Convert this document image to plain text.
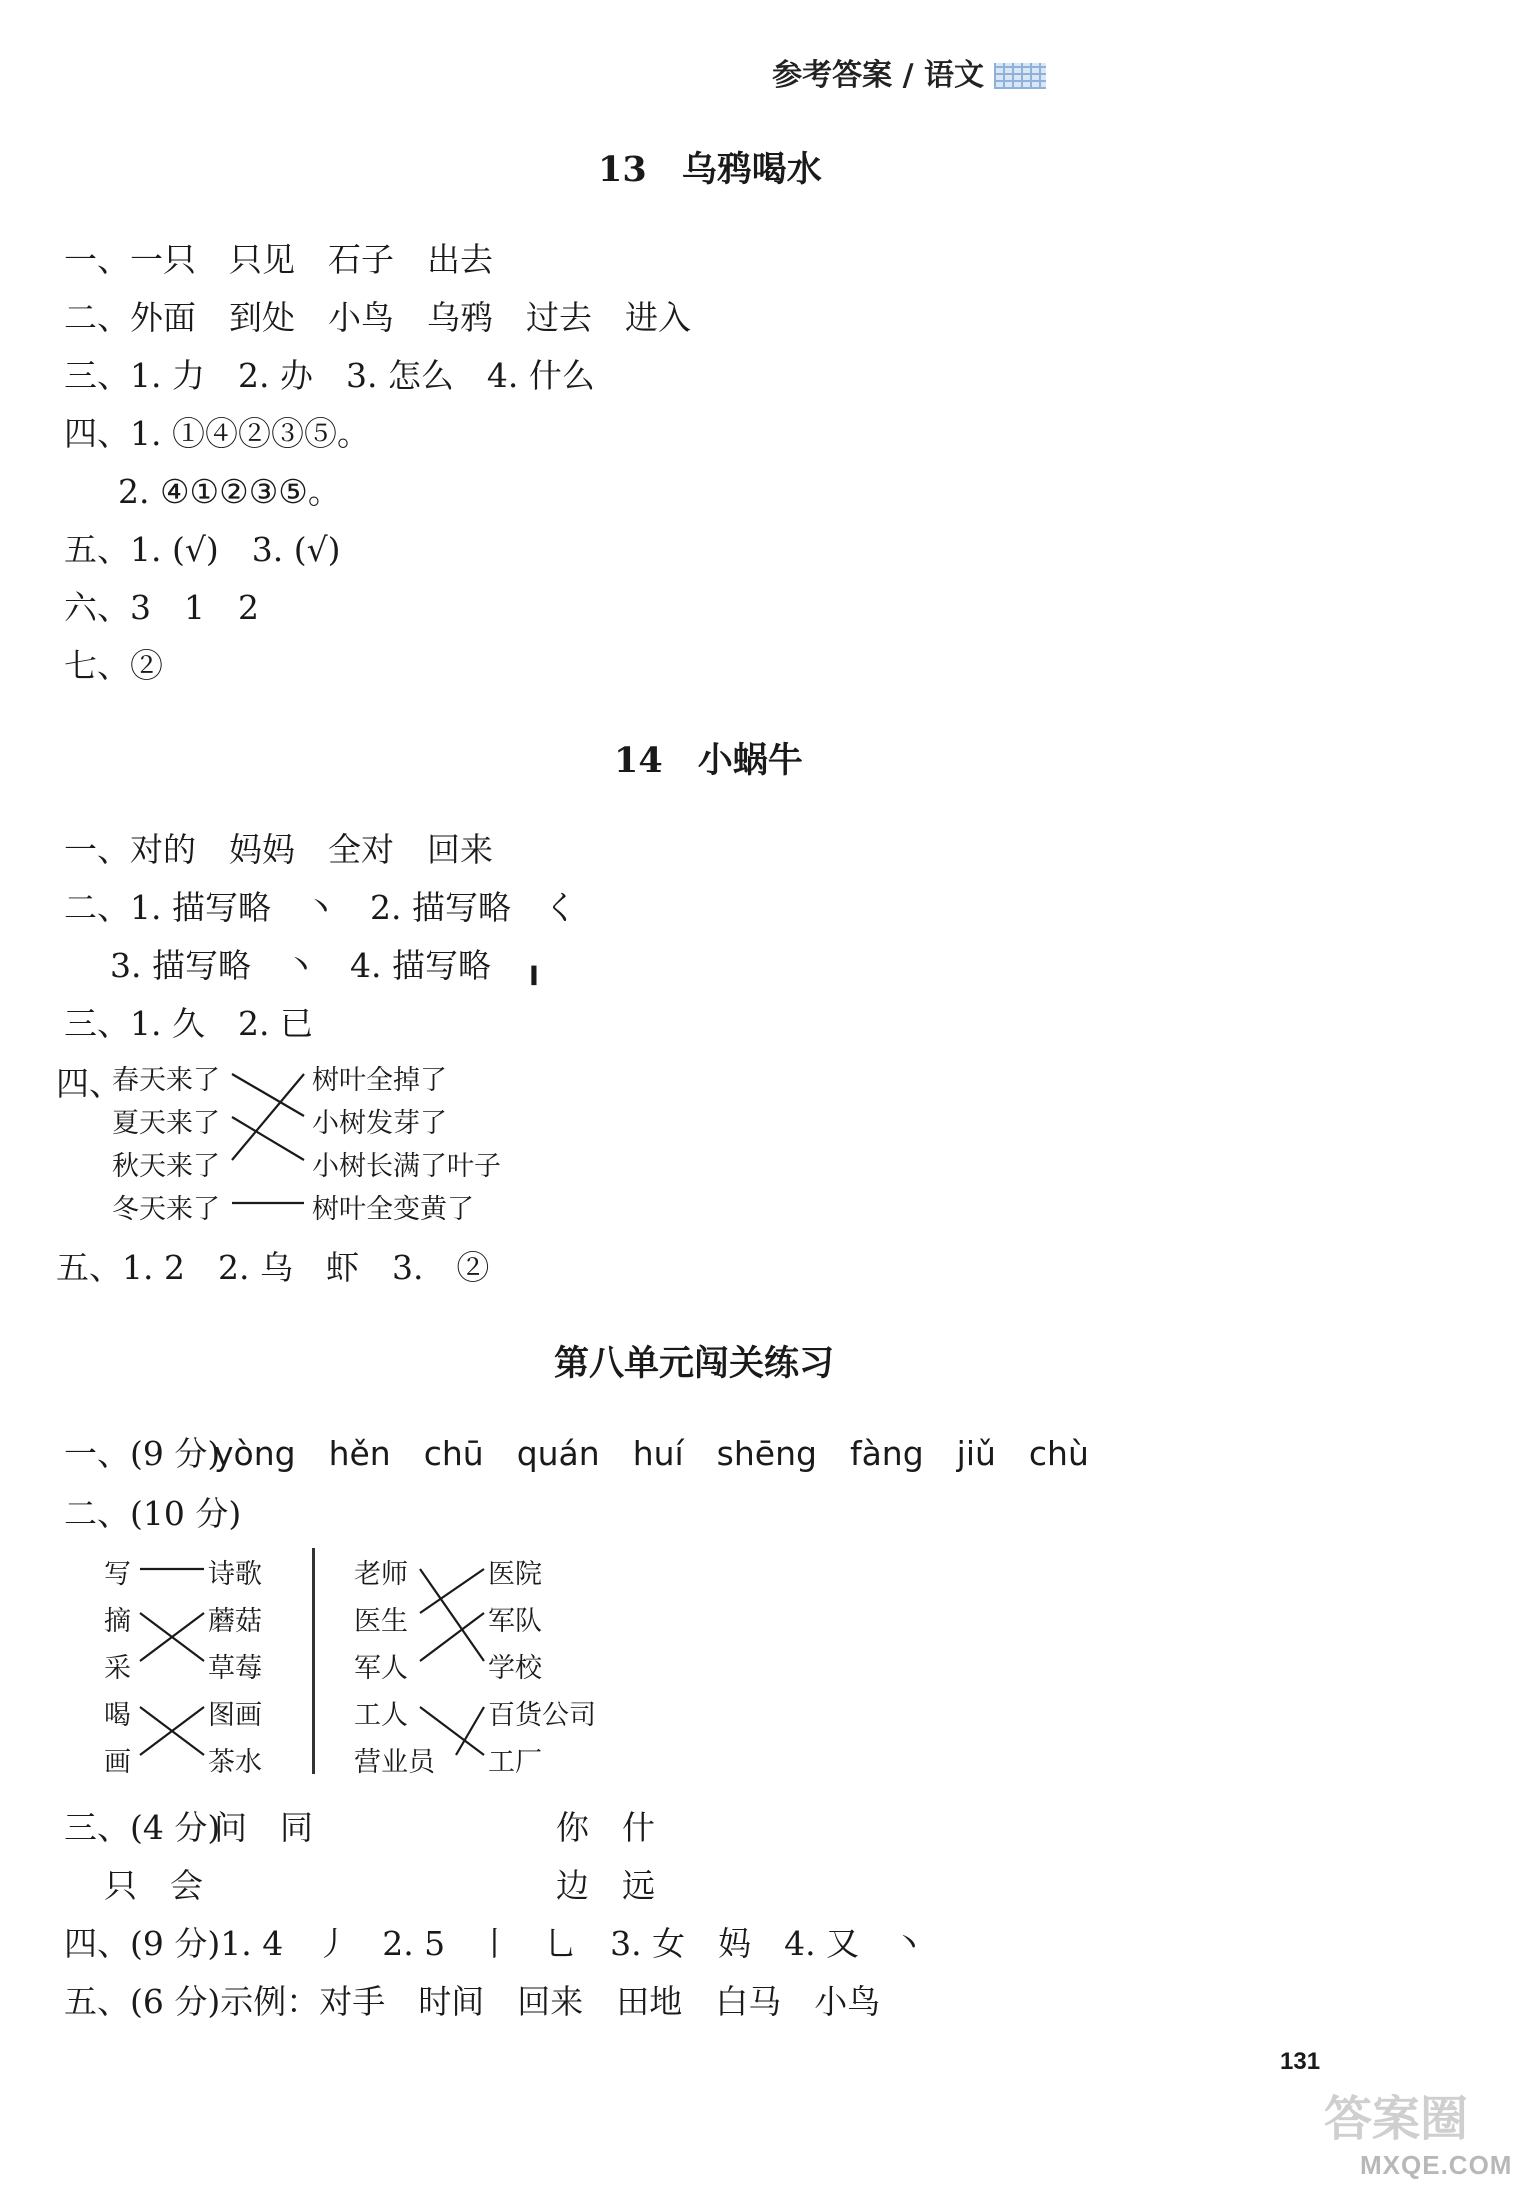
参考答案 / 语文
13　乌鸦喝水
一、一只　只见　石子　出去
二、外面　到处　小鸟　乌鸦　过去　进入
三、1. 力　2. 办　3. 怎么　4. 什么
四、1. ①④②③⑤。
2. ④①②③⑤。
五、1. (√)　3. (√)
六、3　1　2
七、②
14　小蜗牛
一、对的　妈妈　全对　回来
二、1. 描写略　丶　2. 描写略　く
3. 描写略　丶　4. 描写略　╻
三、1. 久　2. 已
四、
春天来了
夏天来了
秋天来了
冬天来了
树叶全掉了
小树发芽了
小树长满了叶子
树叶全变黄了
五、1. 2　2. 乌　虾　3.　②
第八单元闯关练习
一、(9 分)
yòng　hěn　chū　quán　huí　shēng　fàng　jiǔ　chù
二、(10 分)
写
摘
采
喝
画
诗歌
蘑菇
草莓
图画
茶水
老师
医生
军人
工人
营业员
医院
军队
学校
百货公司
工厂
三、(4 分)
问　同	你　什
只　会	边　远
四、(9 分)1. 4　丿　2. 5　丨　乚　3. 女　妈　4. 又　丶
五、(6 分)示例：对手　时间　回来　田地　白马　小鸟
131
答案圈
MXQE.COM
